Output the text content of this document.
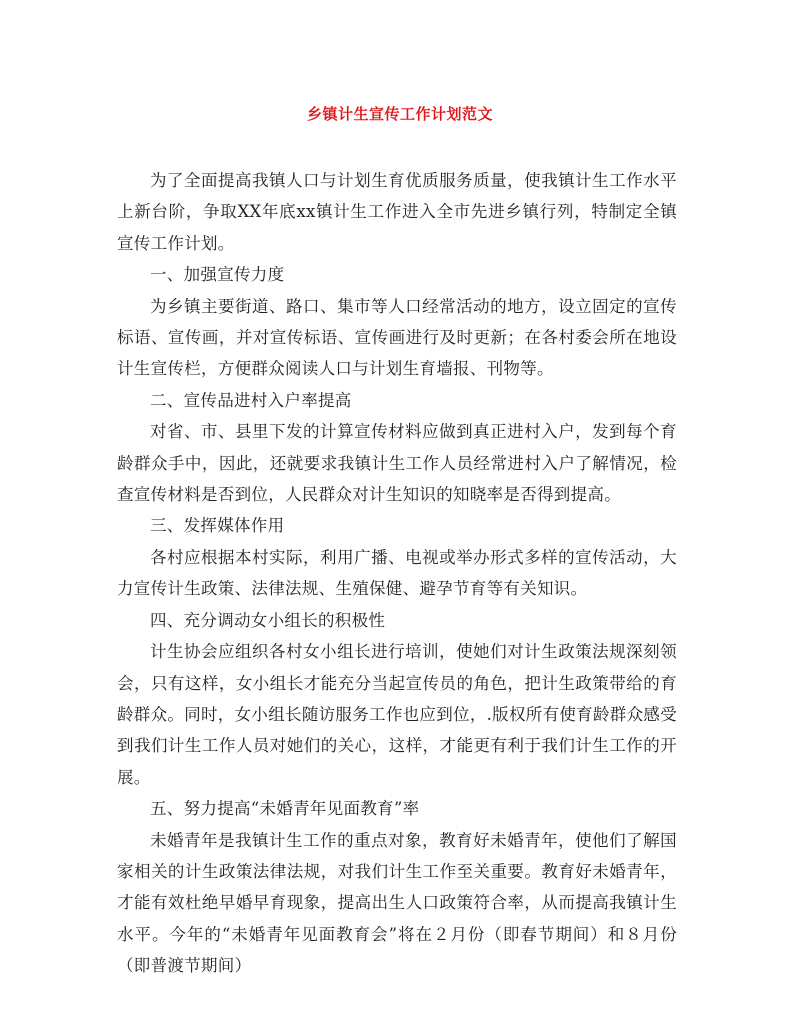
乡镇计生宣传工作计划范文

为了全面提高我镇人口与计划生育优质服务质量，使我镇计生工作水平上新台阶，争取XX年底xx镇计生工作进入全市先进乡镇行列，特制定全镇宣传工作计划。

一、加强宣传力度

为乡镇主要街道、路口、集市等人口经常活动的地方，设立固定的宣传标语、宣传画，并对宣传标语、宣传画进行及时更新；在各村委会所在地设计生宣传栏，方便群众阅读人口与计划生育墙报、刊物等。

二、宣传品进村入户率提高

对省、市、县里下发的计算宣传材料应做到真正进村入户，发到每个育龄群众手中，因此，还就要求我镇计生工作人员经常进村入户了解情况，检查宣传材料是否到位，人民群众对计生知识的知晓率是否得到提高。

三、发挥媒体作用

各村应根据本村实际，利用广播、电视或举办形式多样的宣传活动，大力宣传计生政策、法律法规、生殖保健、避孕节育等有关知识。

四、充分调动女小组长的积极性

计生协会应组织各村女小组长进行培训，使她们对计生政策法规深刻领会，只有这样，女小组长才能充分当起宣传员的角色，把计生政策带给的育龄群众。同时，女小组长随访服务工作也应到位，.版权所有使育龄群众感受到我们计生工作人员对她们的关心，这样，才能更有利于我们计生工作的开展。

五、努力提高“未婚青年见面教育”率

未婚青年是我镇计生工作的重点对象，教育好未婚青年，使他们了解国家相关的计生政策法律法规，对我们计生工作至关重要。教育好未婚青年，才能有效杜绝早婚早育现象，提高出生人口政策符合率，从而提高我镇计生水平。今年的“未婚青年见面教育会”将在２月份（即春节期间）和８月份（即普渡节期间）
